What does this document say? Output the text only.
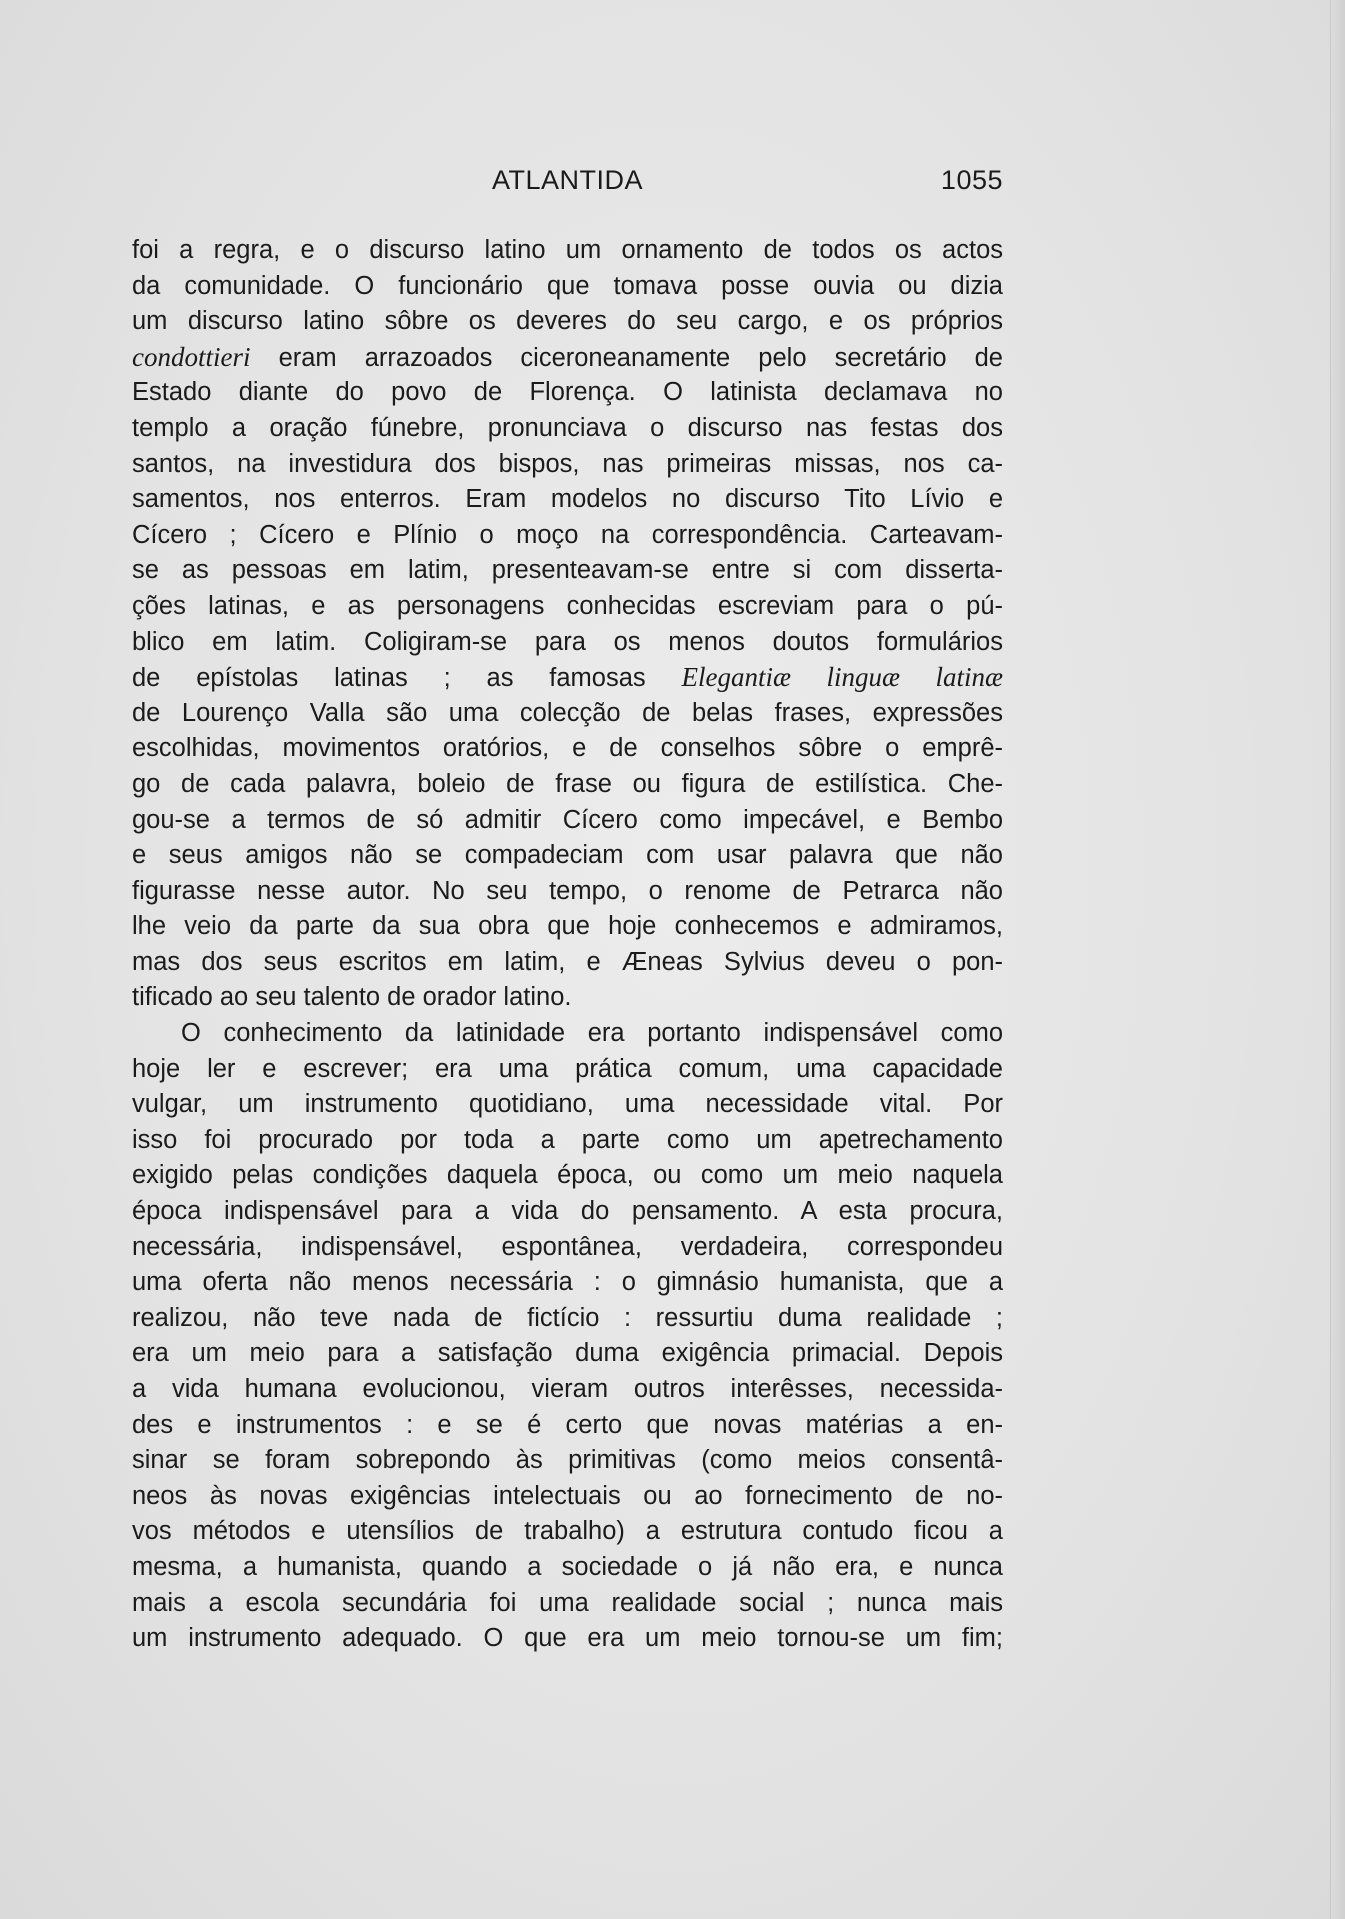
ATLANTIDA	1055
foi a regra, e o discurso latino um ornamento de todos os actos
da comunidade. O funcionário que tomava posse ouvia ou dizia
um discurso latino sôbre os deveres do seu cargo, e os próprios
condottieri eram arrazoados ciceroneanamente pelo secretário de
Estado diante do povo de Florença. O latinista declamava no
templo a oração fúnebre, pronunciava o discurso nas festas dos
santos, na investidura dos bispos, nas primeiras missas, nos ca-
samentos, nos enterros. Eram modelos no discurso Tito Lívio e
Cícero ; Cícero e Plínio o moço na correspondência. Carteavam-
se as pessoas em latim, presenteavam-se entre si com disserta-
ções latinas, e as personagens conhecidas escreviam para o pú-
blico em latim. Coligiram-se para os menos doutos formulários
de epístolas latinas ; as famosas Elegantiæ linguæ latinæ
de Lourenço Valla são uma colecção de belas frases, expressões
escolhidas, movimentos oratórios, e de conselhos sôbre o emprê-
go de cada palavra, boleio de frase ou figura de estilística. Che-
gou-se a termos de só admitir Cícero como impecável, e Bembo
e seus amigos não se compadeciam com usar palavra que não
figurasse nesse autor. No seu tempo, o renome de Petrarca não
lhe veio da parte da sua obra que hoje conhecemos e admiramos,
mas dos seus escritos em latim, e Æneas Sylvius deveu o pon-
tificado ao seu talento de orador latino.
O conhecimento da latinidade era portanto indispensável como
hoje ler e escrever; era uma prática comum, uma capacidade
vulgar, um instrumento quotidiano, uma necessidade vital. Por
isso foi procurado por toda a parte como um apetrechamento
exigido pelas condições daquela época, ou como um meio naquela
época indispensável para a vida do pensamento. A esta procura,
necessária, indispensável, espontânea, verdadeira, correspondeu
uma oferta não menos necessária : o gimnásio humanista, que a
realizou, não teve nada de fictício : ressurtiu duma realidade ;
era um meio para a satisfação duma exigência primacial. Depois
a vida humana evolucionou, vieram outros interêsses, necessida-
des e instrumentos : e se é certo que novas matérias a en-
sinar se foram sobrepondo às primitivas (como meios consentâ-
neos às novas exigências intelectuais ou ao fornecimento de no-
vos métodos e utensílios de trabalho) a estrutura contudo ficou a
mesma, a humanista, quando a sociedade o já não era, e nunca
mais a escola secundária foi uma realidade social ; nunca mais
um instrumento adequado. O que era um meio tornou-se um fim;
